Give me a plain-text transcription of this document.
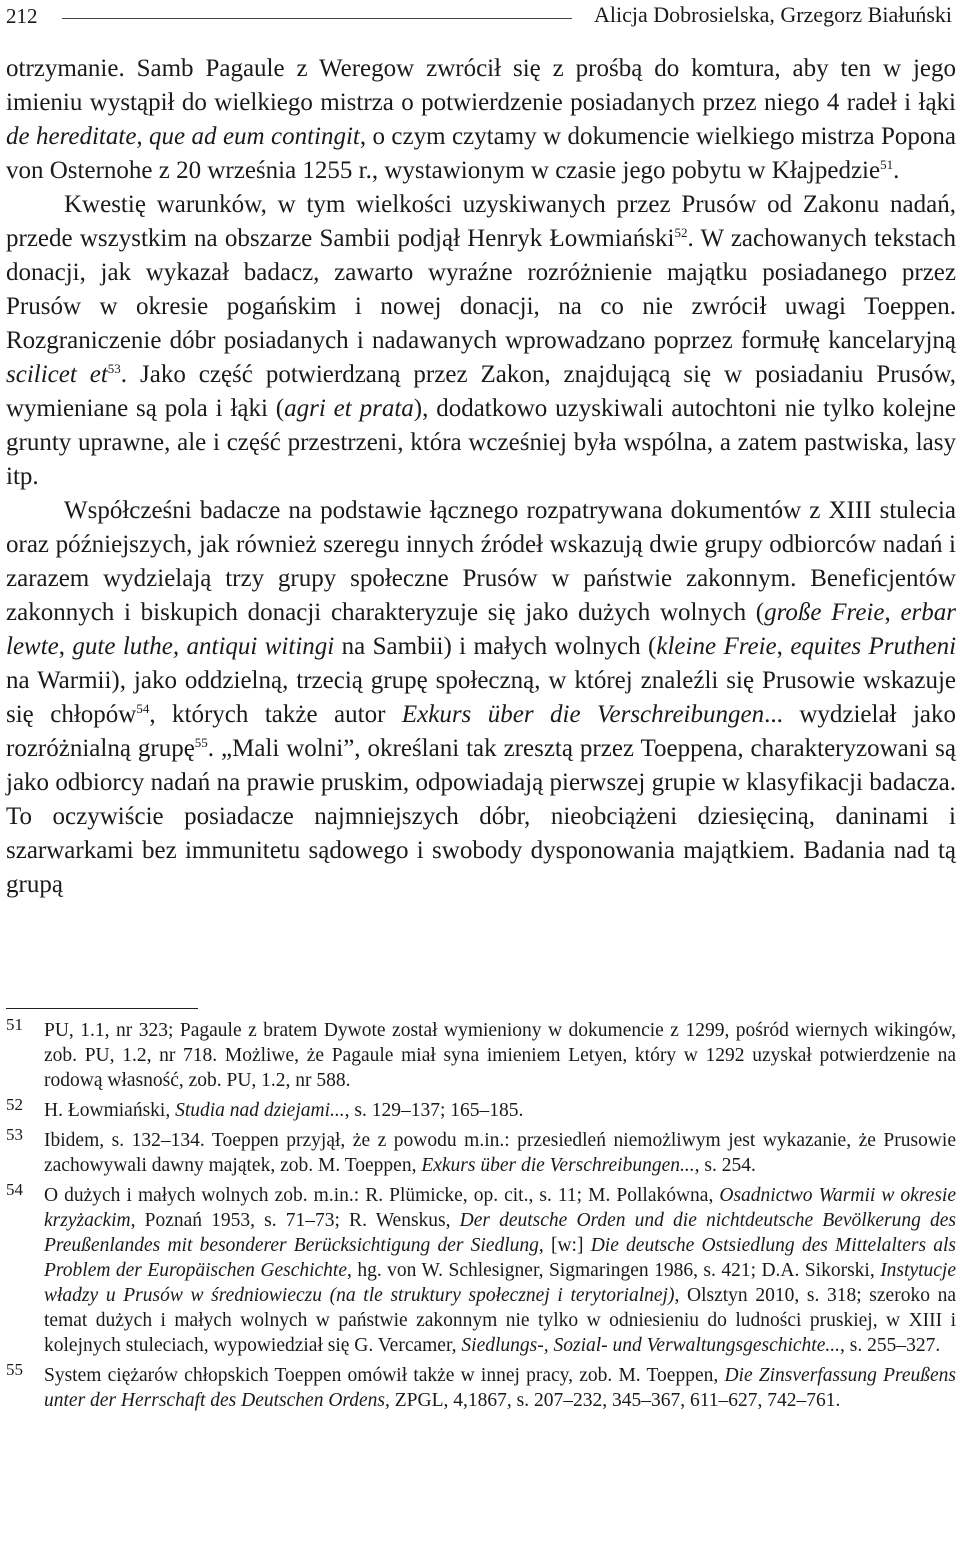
212	Alicja Dobrosielska, Grzegorz Białuński

otrzymanie. Samb Pagaule z Weregow zwrócił się z prośbą do komtura, aby ten w jego imieniu wystąpił do wielkiego mistrza o potwierdzenie posiadanych przez niego 4 radeł i łąki de hereditate, que ad eum contingit, o czym czytamy w dokumencie wielkiego mistrza Popona von Osternohe z 20 września 1255 r., wystawionym w czasie jego pobytu w Kłajpedzie$^{51}$.

Kwestię warunków, w tym wielkości uzyskiwanych przez Prusów od Zakonu nadań, przede wszystkim na obszarze Sambii podjął Henryk Łowmiański$^{52}$. W zachowanych tekstach donacji, jak wykazał badacz, zawarto wyraźne rozróżnienie majątku posiadanego przez Prusów w okresie pogańskim i nowej donacji, na co nie zwrócił uwagi Toeppen. Rozgraniczenie dóbr posiadanych i nadawanych wprowadzano poprzez formułę kancelaryjną scilicet $et^{53}$. Jako część potwierdzaną przez Zakon, znajdującą się w posiadaniu Prusów, wymieniane są pola i łąki (agri et prata), dodatkowo uzyskiwali autochtoni nie tylko kolejne grunty uprawne, ale i część przestrzeni, która wcześniej była wspólna, a zatem pastwiska, lasy itp.

Współcześni badacze na podstawie łącznego rozpatrywana dokumentów z XIII stulecia oraz późniejszych, jak również szeregu innych źródeł wskazują dwie grupy odbiorców nadań i zarazem wydzielają trzy grupy społeczne Prusów w państwie zakonnym. Beneficjentów zakonnych i biskupich donacji charakteryzuje się jako dużych wolnych (große Freie, erbar lewte, gute luthe, antiqui witingi na Sambii) i małych wolnych (kleine Freie, equites Prutheni na Warmii), jako oddzielną, trzecią grupę społeczną, w której znaleźli się Prusowie wskazuje się chłopów$^{54}$, których także autor Exkurs über die Verschreibungen... wydzielał jako rozróżnialną grupę$^{55}$. „Mali wolni”, określani tak zresztą przez Toeppena, charakteryzowani są jako odbiorcy nadań na prawie pruskim, odpowiadają pierwszej grupie w klasyfikacji badacza. To oczywiście posiadacze najmniejszych dóbr, nieobciążeni dziesięciną, daninami i szarwarkami bez immunitetu sądowego i swobody dysponowania majątkiem. Badania nad tą grupą

51 PU, 1.1, nr 323; Pagaule z bratem Dywote został wymieniony w dokumencie z 1299, pośród wiernych wikingów, zob. PU, 1.2, nr 718. Możliwe, że Pagaule miał syna imieniem Letyen, który w 1292 uzyskał potwierdzenie na rodową własność, zob. PU, 1.2, nr 588.
52 H. Łowmiański, Studia nad dziejami..., s. 129–137; 165–185.
53 Ibidem, s. 132–134. Toeppen przyjął, że z powodu m.in.: przesiedleń niemożliwym jest wykazanie, że Prusowie zachowywali dawny majątek, zob. M. Toeppen, Exkurs über die Verschreibungen..., s. 254.
54 O dużych i małych wolnych zob. m.in.: R. Plümicke, op. cit., s. 11; M. Pollakówna, Osadnictwo Warmii w okresie krzyżackim, Poznań 1953, s. 71–73; R. Wenskus, Der deutsche Orden und die nichtdeutsche Bevölkerung des Preußenlandes mit besonderer Berücksichtigung der Siedlung, [w:] Die deutsche Ostsiedlung des Mittelalters als Problem der Europäischen Geschichte, hg. von W. Schlesigner, Sigmaringen 1986, s. 421; D.A. Sikorski, Instytucje władzy u Prusów w średniowieczu (na tle struktury społecznej i terytorialnej), Olsztyn 2010, s. 318; szeroko na temat dużych i małych wolnych w państwie zakonnym nie tylko w odniesieniu do ludności pruskiej, w XIII i kolejnych stuleciach, wypowiedział się G. Vercamer, Siedlungs-, Sozial- und Verwaltungsgeschichte..., s. 255–327.
55 System ciężarów chłopskich Toeppen omówił także w innej pracy, zob. M. Toeppen, Die Zinsverfassung Preußens unter der Herrschaft des Deutschen Ordens, ZPGL, 4,1867, s. 207–232, 345–367, 611–627, 742–761.
